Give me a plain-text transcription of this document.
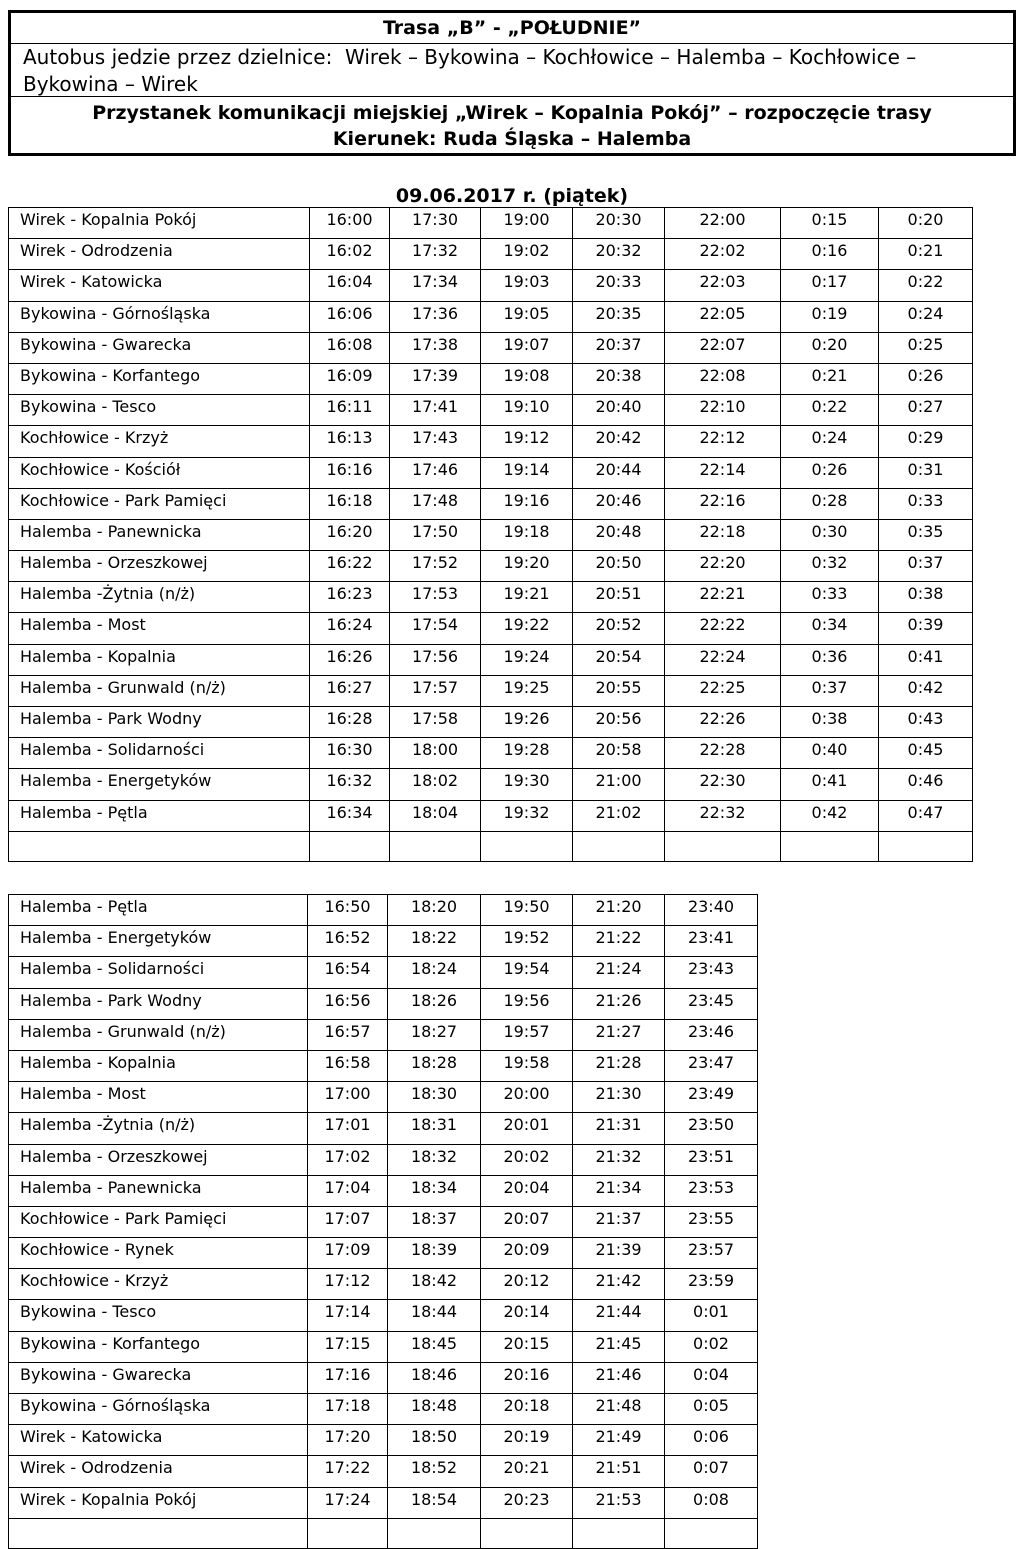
Trasa „B” - „POŁUDNIE”
Autobus jedzie przez dzielnice:  Wirek – Bykowina – Kochłowice – Halemba – Kochłowice –
Bykowina – Wirek
Przystanek komunikacji miejskiej „Wirek – Kopalnia Pokój” – rozpoczęcie trasy
Kierunek: Ruda Śląska – Halemba
09.06.2017 r. (piątek)
Wirek - Kopalnia Pokój	16:00	17:30	19:00	20:30	22:00	0:15	0:20
Wirek - Odrodzenia	16:02	17:32	19:02	20:32	22:02	0:16	0:21
Wirek - Katowicka	16:04	17:34	19:03	20:33	22:03	0:17	0:22
Bykowina - Górnośląska	16:06	17:36	19:05	20:35	22:05	0:19	0:24
Bykowina - Gwarecka	16:08	17:38	19:07	20:37	22:07	0:20	0:25
Bykowina - Korfantego	16:09	17:39	19:08	20:38	22:08	0:21	0:26
Bykowina - Tesco	16:11	17:41	19:10	20:40	22:10	0:22	0:27
Kochłowice - Krzyż	16:13	17:43	19:12	20:42	22:12	0:24	0:29
Kochłowice - Kościół	16:16	17:46	19:14	20:44	22:14	0:26	0:31
Kochłowice - Park Pamięci	16:18	17:48	19:16	20:46	22:16	0:28	0:33
Halemba - Panewnicka	16:20	17:50	19:18	20:48	22:18	0:30	0:35
Halemba - Orzeszkowej	16:22	17:52	19:20	20:50	22:20	0:32	0:37
Halemba -Żytnia (n/ż)	16:23	17:53	19:21	20:51	22:21	0:33	0:38
Halemba - Most	16:24	17:54	19:22	20:52	22:22	0:34	0:39
Halemba - Kopalnia	16:26	17:56	19:24	20:54	22:24	0:36	0:41
Halemba - Grunwald (n/ż)	16:27	17:57	19:25	20:55	22:25	0:37	0:42
Halemba - Park Wodny	16:28	17:58	19:26	20:56	22:26	0:38	0:43
Halemba - Solidarności	16:30	18:00	19:28	20:58	22:28	0:40	0:45
Halemba - Energetyków	16:32	18:02	19:30	21:00	22:30	0:41	0:46
Halemba - Pętla	16:34	18:04	19:32	21:02	22:32	0:42	0:47

Halemba - Pętla	16:50	18:20	19:50	21:20	23:40
Halemba - Energetyków	16:52	18:22	19:52	21:22	23:41
Halemba - Solidarności	16:54	18:24	19:54	21:24	23:43
Halemba - Park Wodny	16:56	18:26	19:56	21:26	23:45
Halemba - Grunwald (n/ż)	16:57	18:27	19:57	21:27	23:46
Halemba - Kopalnia	16:58	18:28	19:58	21:28	23:47
Halemba - Most	17:00	18:30	20:00	21:30	23:49
Halemba -Żytnia (n/ż)	17:01	18:31	20:01	21:31	23:50
Halemba - Orzeszkowej	17:02	18:32	20:02	21:32	23:51
Halemba - Panewnicka	17:04	18:34	20:04	21:34	23:53
Kochłowice - Park Pamięci	17:07	18:37	20:07	21:37	23:55
Kochłowice - Rynek	17:09	18:39	20:09	21:39	23:57
Kochłowice - Krzyż	17:12	18:42	20:12	21:42	23:59
Bykowina - Tesco	17:14	18:44	20:14	21:44	0:01
Bykowina - Korfantego	17:15	18:45	20:15	21:45	0:02
Bykowina - Gwarecka	17:16	18:46	20:16	21:46	0:04
Bykowina - Górnośląska	17:18	18:48	20:18	21:48	0:05
Wirek - Katowicka	17:20	18:50	20:19	21:49	0:06
Wirek - Odrodzenia	17:22	18:52	20:21	21:51	0:07
Wirek - Kopalnia Pokój	17:24	18:54	20:23	21:53	0:08
